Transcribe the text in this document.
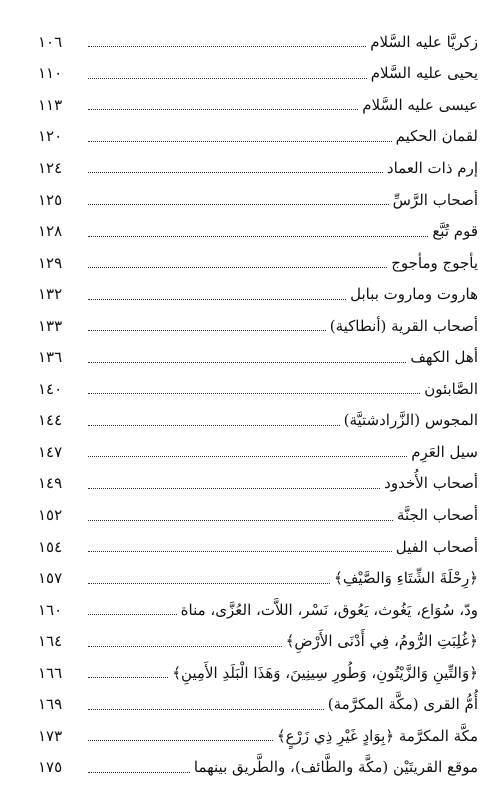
زكريَّا عليه السَّلام
١٠٦
يحيى عليه السَّلام
١١٠
عيسى عليه السَّلام
١١٣
لقمان الحكيم
١٢٠
إرم ذات العماد
١٢٤
أصحاب الرَّسِّ
١٢٥
قوم تُبَّع
١٢٨
يأجوج ومأجوج
١٢٩
هاروت وماروت ببابل
١٣٢
أصحاب القرية (أنطاكية)
١٣٣
أهل الكهف
١٣٦
الصَّابئون
١٤٠
المجوس (الزَّرادشتيَّة)
١٤٤
سيل العَرِم
١٤٧
أصحاب الأُخدود
١٤٩
أصحاب الجنَّة
١٥٢
أصحاب الفيل
١٥٤
﴿رِحْلَةَ الشِّتَاءِ وَالصَّيْفِ﴾
١٥٧
ودّ، سُوَاع، يَغُوث، يَعُوق، نَسْر، اللاَّت، العُزَّى، مناة
١٦٠
﴿غُلِبَتِ الرُّومُ، فِي أَدْنَى الأَرْضِ﴾
١٦٤
﴿وَالتِّينِ وَالزَّيْتُونِ، وَطُورِ سِينِينَ، وَهَذَا الْبَلَدِ الأَمِينِ﴾
١٦٦
أُمُّ القرى (مكَّة المكرَّمة)
١٦٩
مكَّة المكرَّمة ﴿بِوَادٍ غَيْرِ ذِي زَرْعٍ﴾
١٧٣
موقع القريتَيْن (مكَّة والطَّائف)، والطَّريق بينهما
١٧٥
